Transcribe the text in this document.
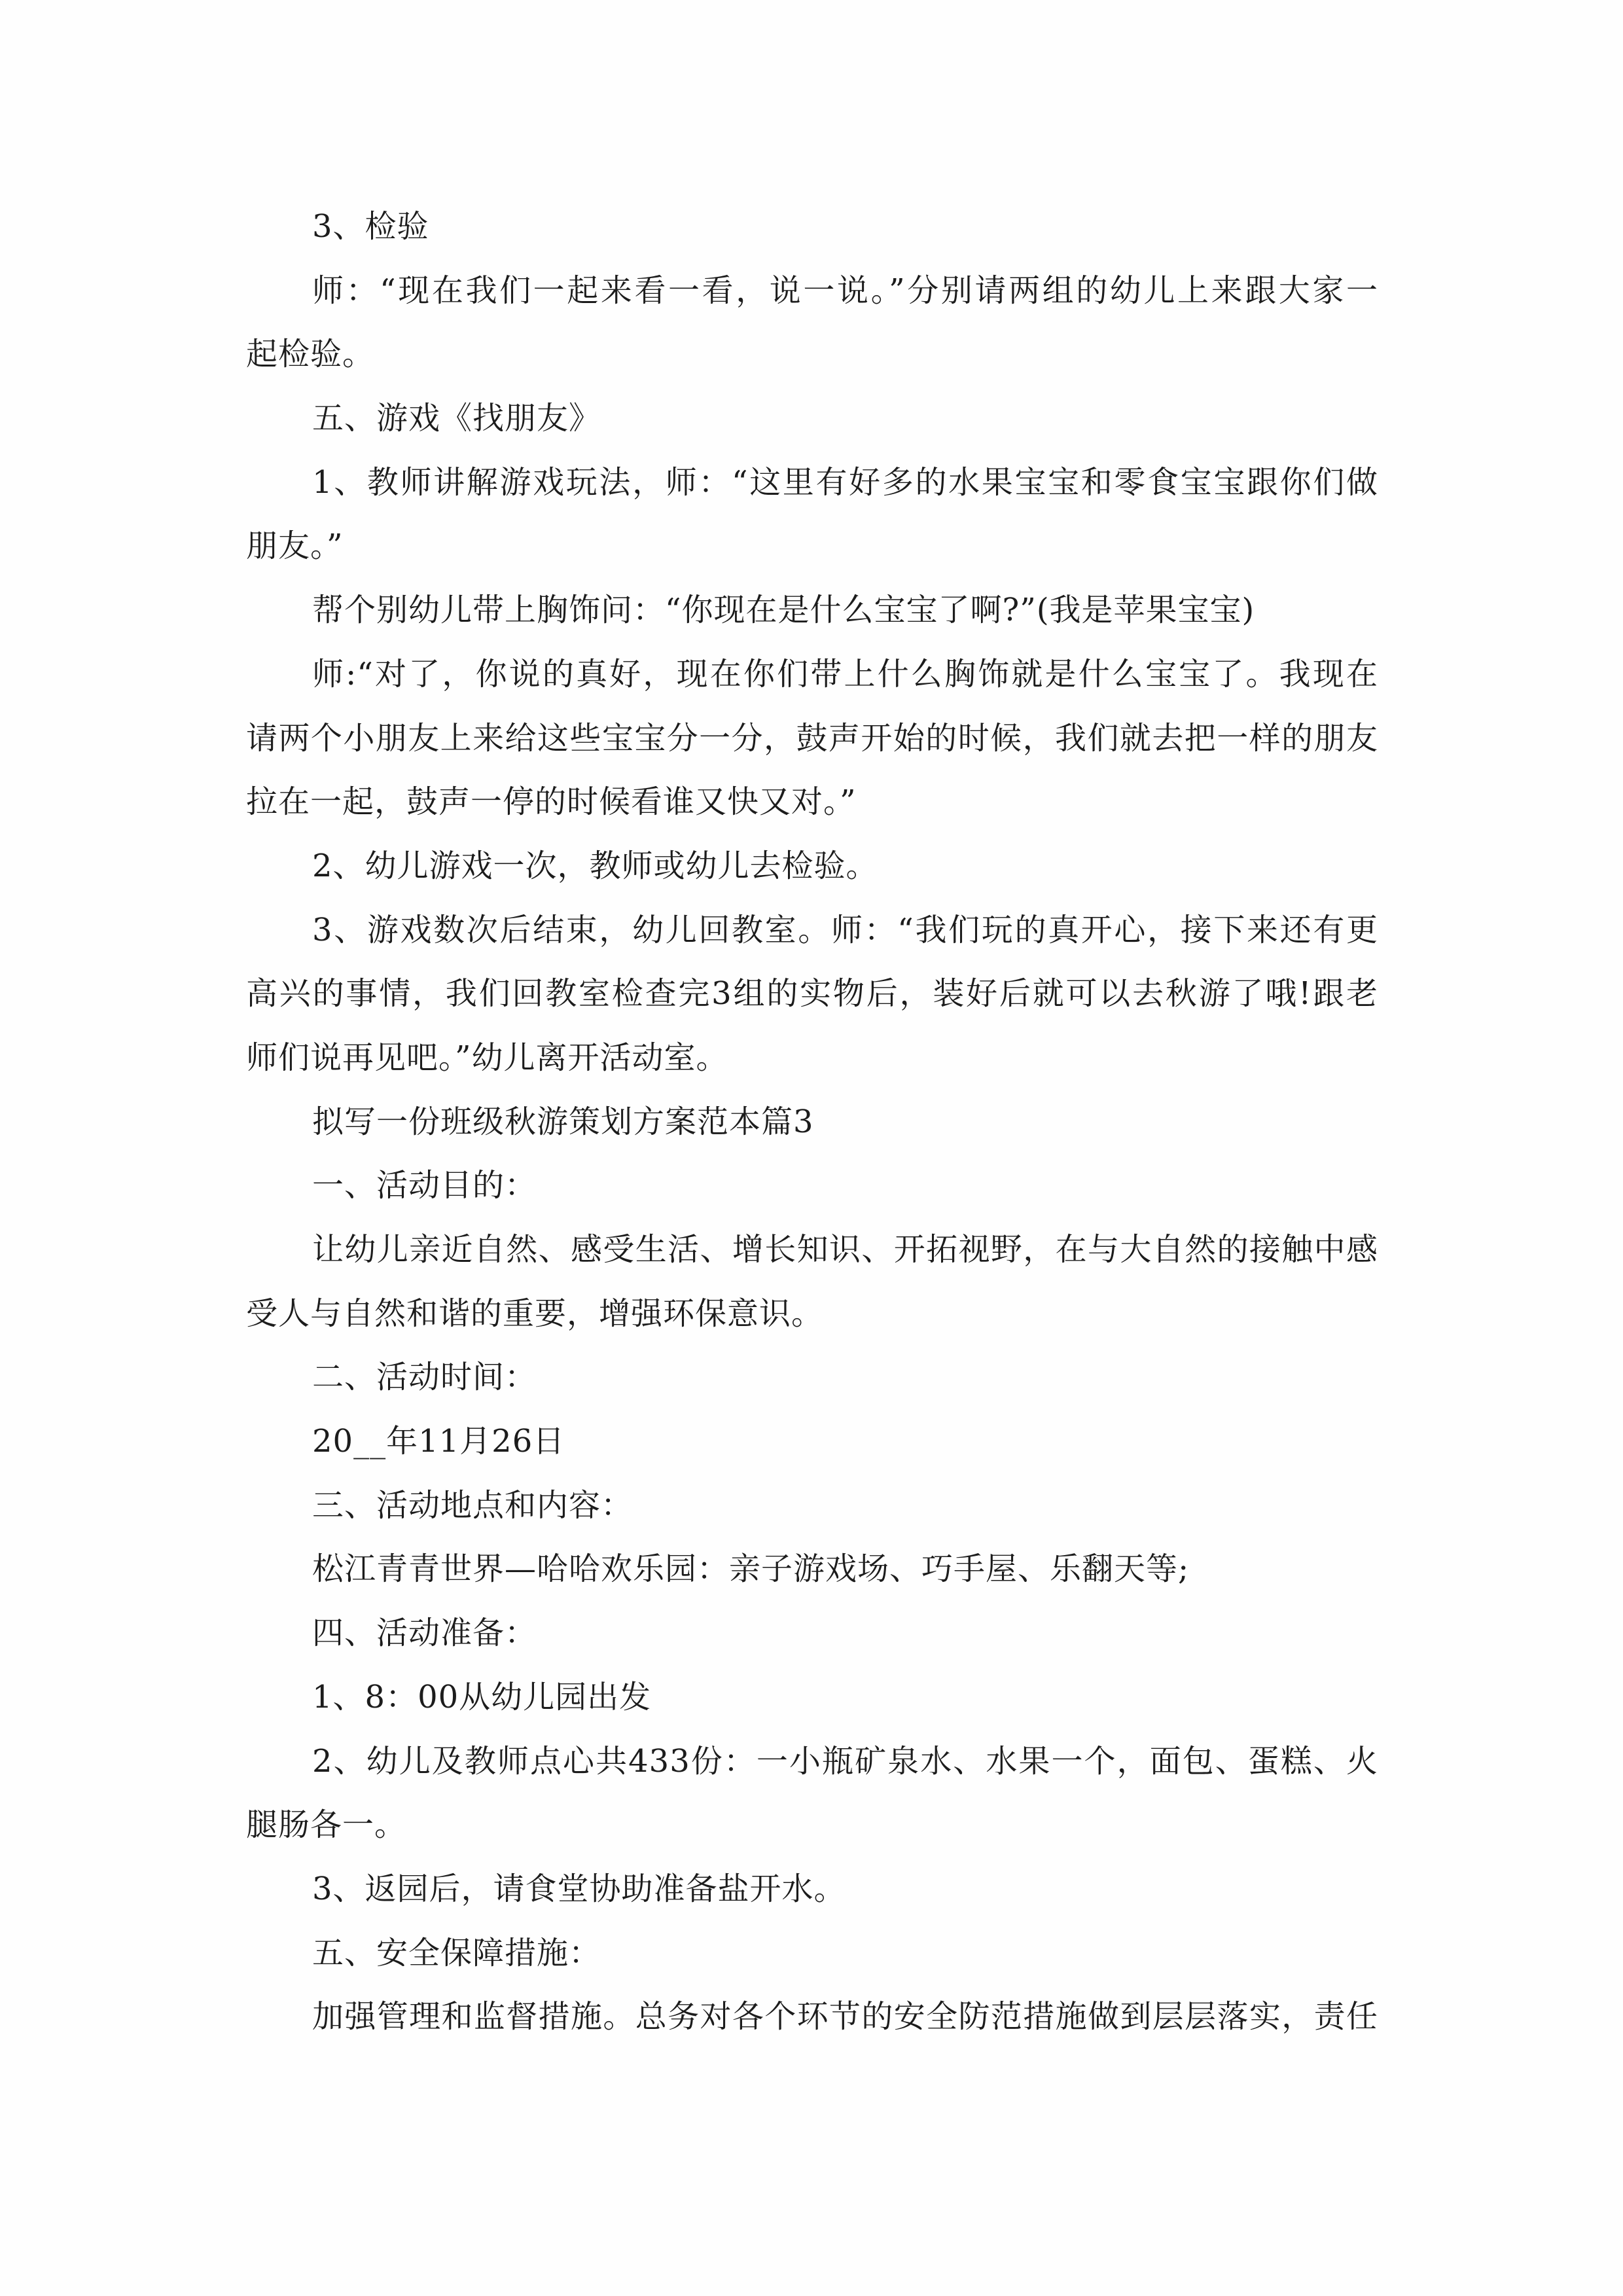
3、检验
师：“现在我们一起来看一看，说一说。”分别请两组的幼儿上来跟大家一
起检验。
五、游戏《找朋友》
1、教师讲解游戏玩法，师：“这里有好多的水果宝宝和零食宝宝跟你们做
朋友。”
帮个别幼儿带上胸饰问：“你现在是什么宝宝了啊?”(我是苹果宝宝)
师:“对了，你说的真好，现在你们带上什么胸饰就是什么宝宝了。我现在
请两个小朋友上来给这些宝宝分一分，鼓声开始的时候，我们就去把一样的朋友
拉在一起，鼓声一停的时候看谁又快又对。”
2、幼儿游戏一次，教师或幼儿去检验。
3、游戏数次后结束，幼儿回教室。师：“我们玩的真开心，接下来还有更
高兴的事情，我们回教室检查完3组的实物后，装好后就可以去秋游了哦!跟老
师们说再见吧。”幼儿离开活动室。
拟写一份班级秋游策划方案范本篇3
一、活动目的：
让幼儿亲近自然、感受生活、增长知识、开拓视野，在与大自然的接触中感
受人与自然和谐的重要，增强环保意识。
二、活动时间：
20__年11月26日
三、活动地点和内容：
松江青青世界—哈哈欢乐园：亲子游戏场、巧手屋、乐翻天等;
四、活动准备：
1、8：00从幼儿园出发
2、幼儿及教师点心共433份：一小瓶矿泉水、水果一个，面包、蛋糕、火
腿肠各一。
3、返园后，请食堂协助准备盐开水。
五、安全保障措施：
加强管理和监督措施。总务对各个环节的安全防范措施做到层层落实，责任
